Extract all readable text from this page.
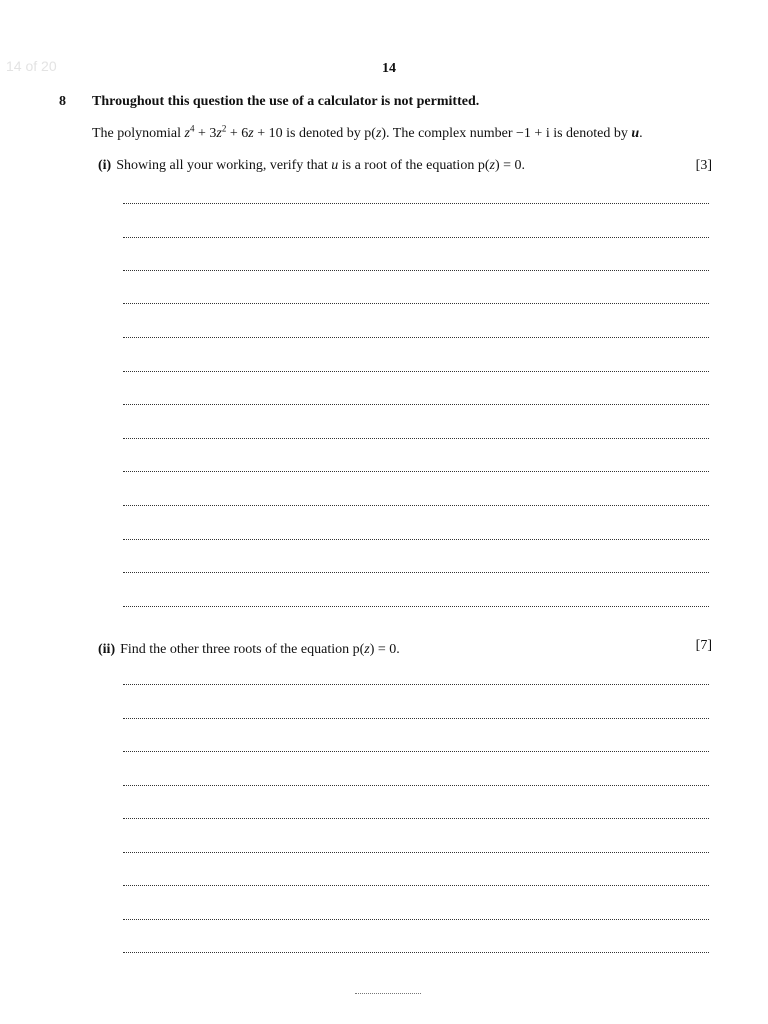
14 of 20	14
8 Throughout this question the use of a calculator is not permitted.
The polynomial $z^4 + 3z^2 + 6z + 10$ is denoted by p(z). The complex number −1 + i is denoted by u.
(i) Showing all your working, verify that u is a root of the equation p(z) = 0.	[3]
(ii) Find the other three roots of the equation p(z) = 0.	[7]
